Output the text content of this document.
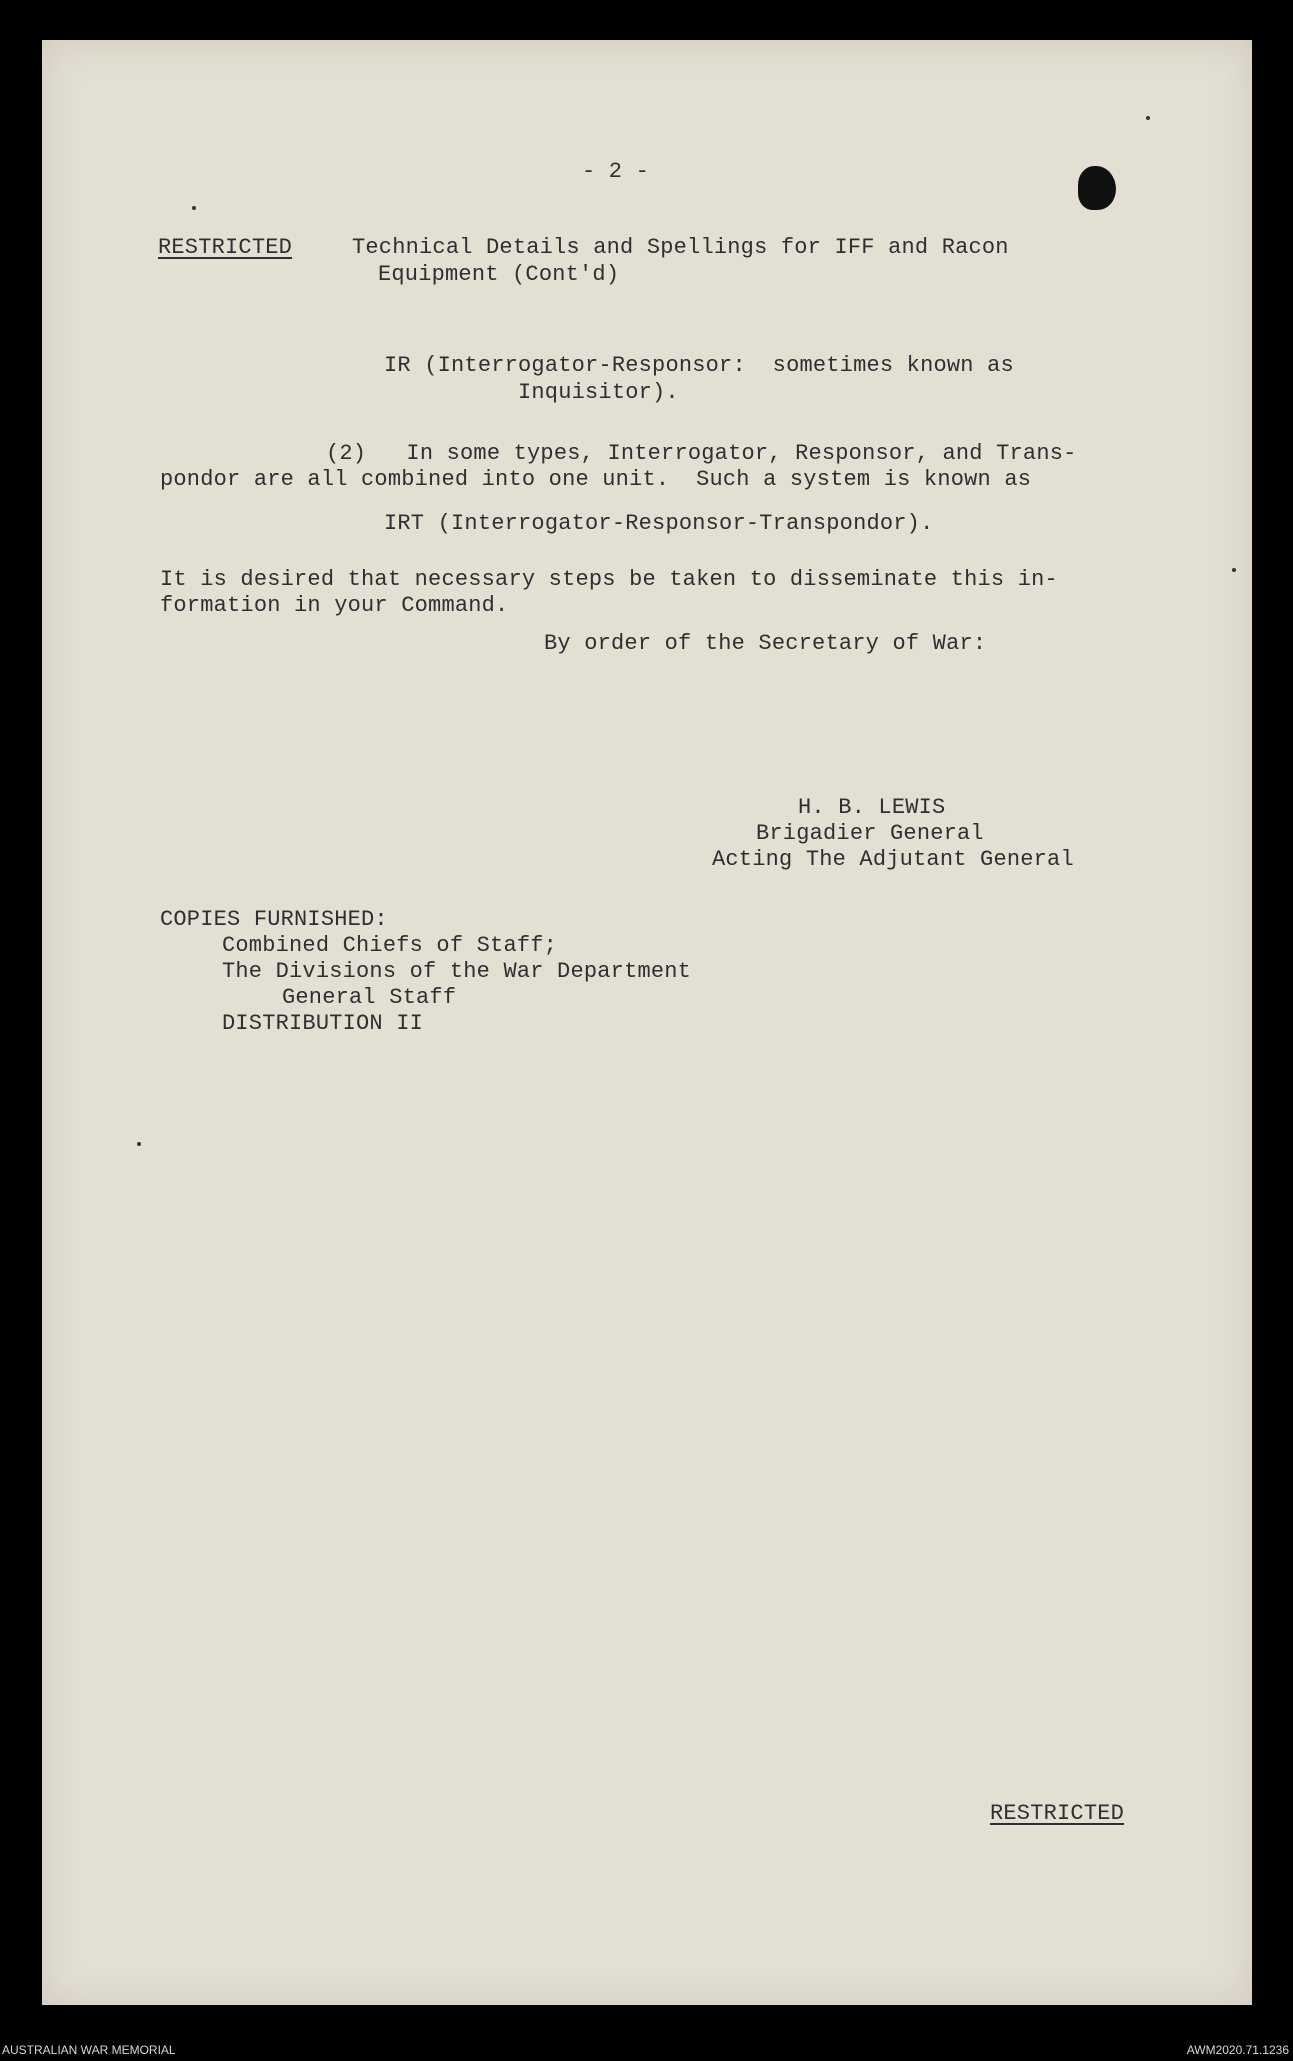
- 2 -
RESTRICTED	Technical Details and Spellings for IFF and Racon
Equipment (Cont'd)
IR (Interrogator-Responsor:  sometimes known as
Inquisitor).
(2)   In some types, Interrogator, Responsor, and Trans-
pondor are all combined into one unit.  Such a system is known as
IRT (Interrogator-Responsor-Transpondor).
It is desired that necessary steps be taken to disseminate this in-
formation in your Command.
By order of the Secretary of War:
H. B. LEWIS
Brigadier General
Acting The Adjutant General
COPIES FURNISHED:
Combined Chiefs of Staff;
The Divisions of the War Department
General Staff
DISTRIBUTION II
RESTRICTED
AUSTRALIAN WAR MEMORIAL	AWM2020.71.1236
